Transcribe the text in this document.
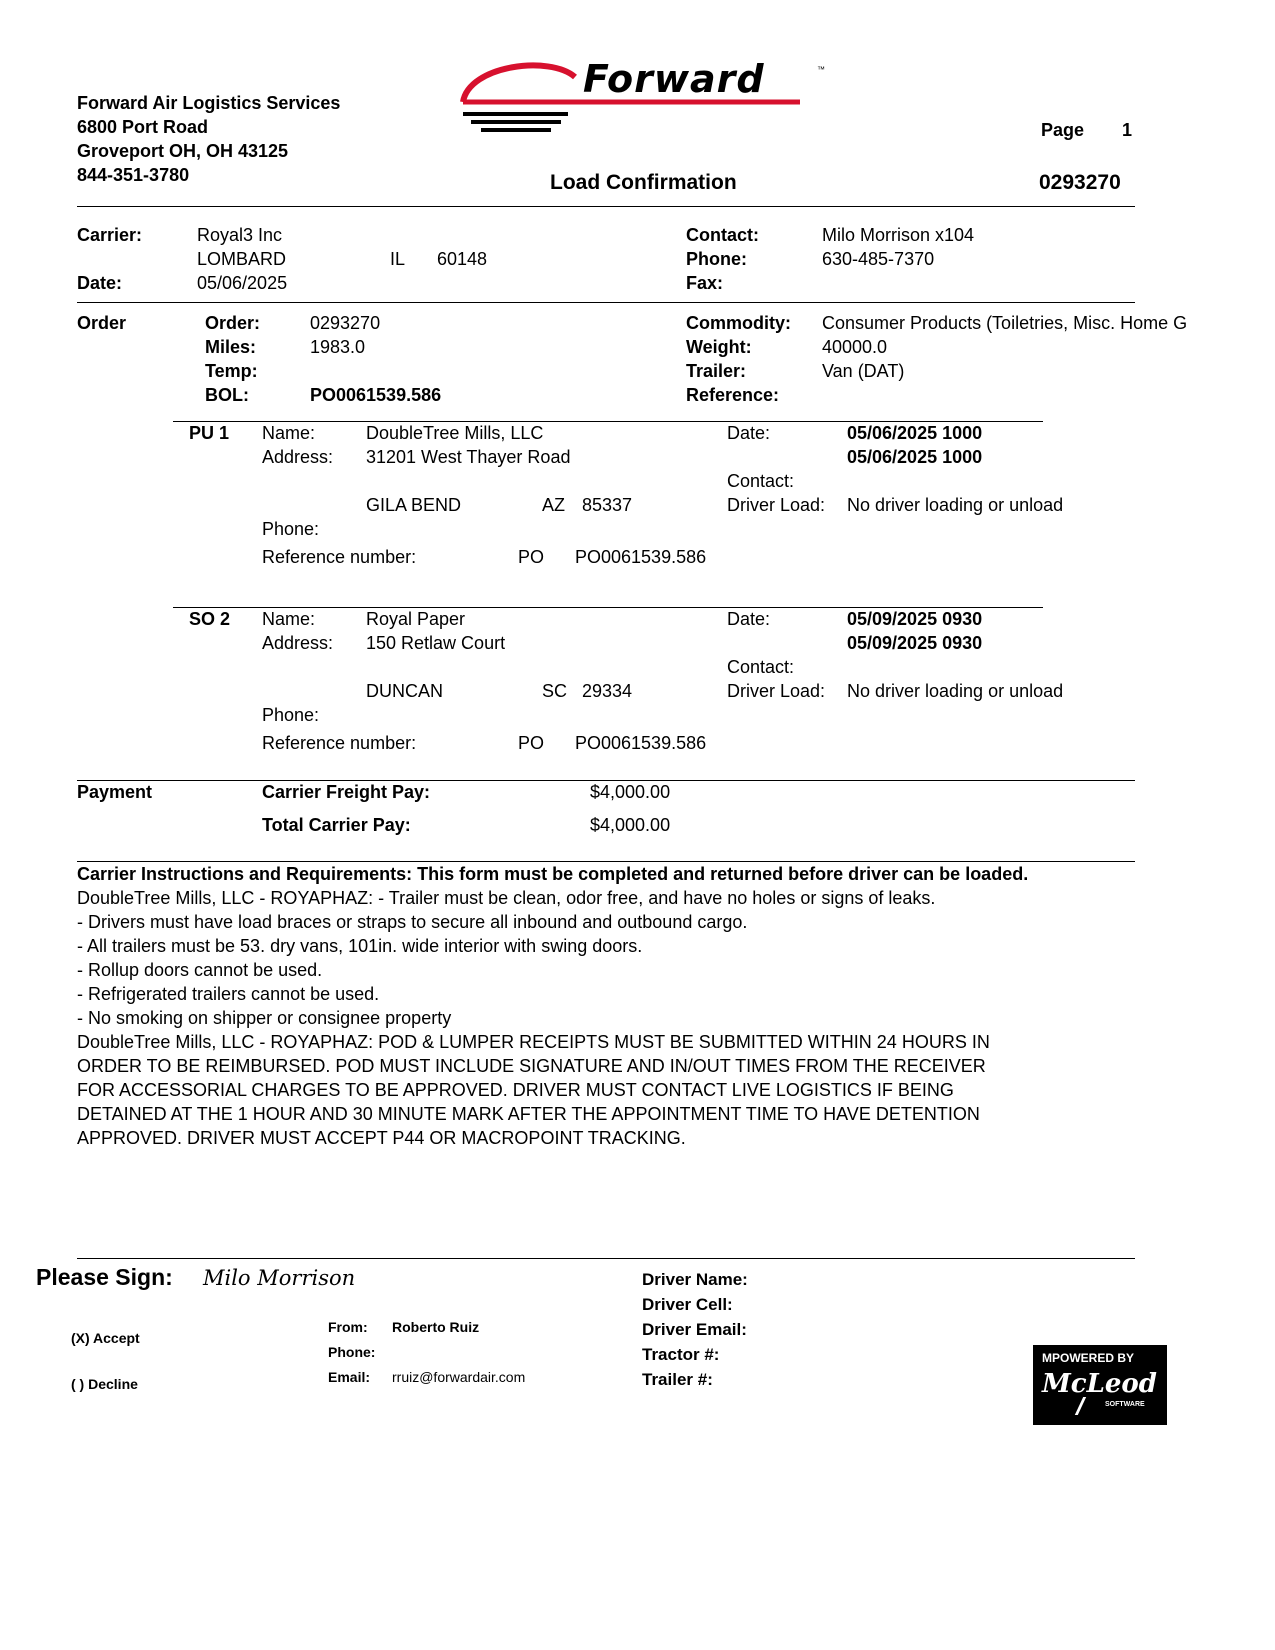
Forward Air Logistics Services
6800 Port Road
Groveport OH, OH 43125
844-351-3780
Forward	™
Page 1
Load Confirmation	0293270
Carrier:	Royal3 Inc
LOMBARD	IL 60148
Date:	05/06/2025
Contact:	Milo Morrison x104
Phone:	630-485-7370
Fax:
Order	Order:	0293270
Miles:	1983.0
Temp:
BOL:	PO0061539.586
Commodity: Consumer Products (Toiletries, Misc. Home G
Weight:	40000.0
Trailer:	Van (DAT)
Reference:
PU 1 Name:	DoubleTree Mills, LLC
Address: 31201 West Thayer Road
GILA BEND	AZ 85337
Phone:
Reference number:	PO PO0061539.586
Date:	05/06/2025 1000
05/06/2025 1000
Contact:
Driver Load: No driver loading or unload
SO 2 Name:	Royal Paper
Address: 150 Retlaw Court
DUNCAN	SC 29334
Phone:
Reference number:	PO PO0061539.586
Date:	05/09/2025 0930
05/09/2025 0930
Contact:
Driver Load: No driver loading or unload
Payment	Carrier Freight Pay:	$4,000.00
Total Carrier Pay:	$4,000.00
Carrier Instructions and Requirements: This form must be completed and returned before driver can be loaded.
DoubleTree Mills, LLC - ROYAPHAZ: - Trailer must be clean, odor free, and have no holes or signs of leaks.
- Drivers must have load braces or straps to secure all inbound and outbound cargo.
- All trailers must be 53. dry vans, 101in. wide interior with swing doors.
- Rollup doors cannot be used.
- Refrigerated trailers cannot be used.
- No smoking on shipper or consignee property
DoubleTree Mills, LLC - ROYAPHAZ: POD & LUMPER RECEIPTS MUST BE SUBMITTED WITHIN 24 HOURS IN
ORDER TO BE REIMBURSED. POD MUST INCLUDE SIGNATURE AND IN/OUT TIMES FROM THE RECEIVER
FOR ACCESSORIAL CHARGES TO BE APPROVED. DRIVER MUST CONTACT LIVE LOGISTICS IF BEING
DETAINED AT THE 1 HOUR AND 30 MINUTE MARK AFTER THE APPOINTMENT TIME TO HAVE DETENTION
APPROVED. DRIVER MUST ACCEPT P44 OR MACROPOINT TRACKING.
Please Sign: Milo Morrison
(X) Accept
( ) Decline
From: Roberto Ruiz
Phone:
Email: rruiz@forwardair.com
Driver Name:
Driver Cell:
Driver Email:
Tractor #:
Trailer #:
MPOWERED BY
McLeod
SOFTWARE
